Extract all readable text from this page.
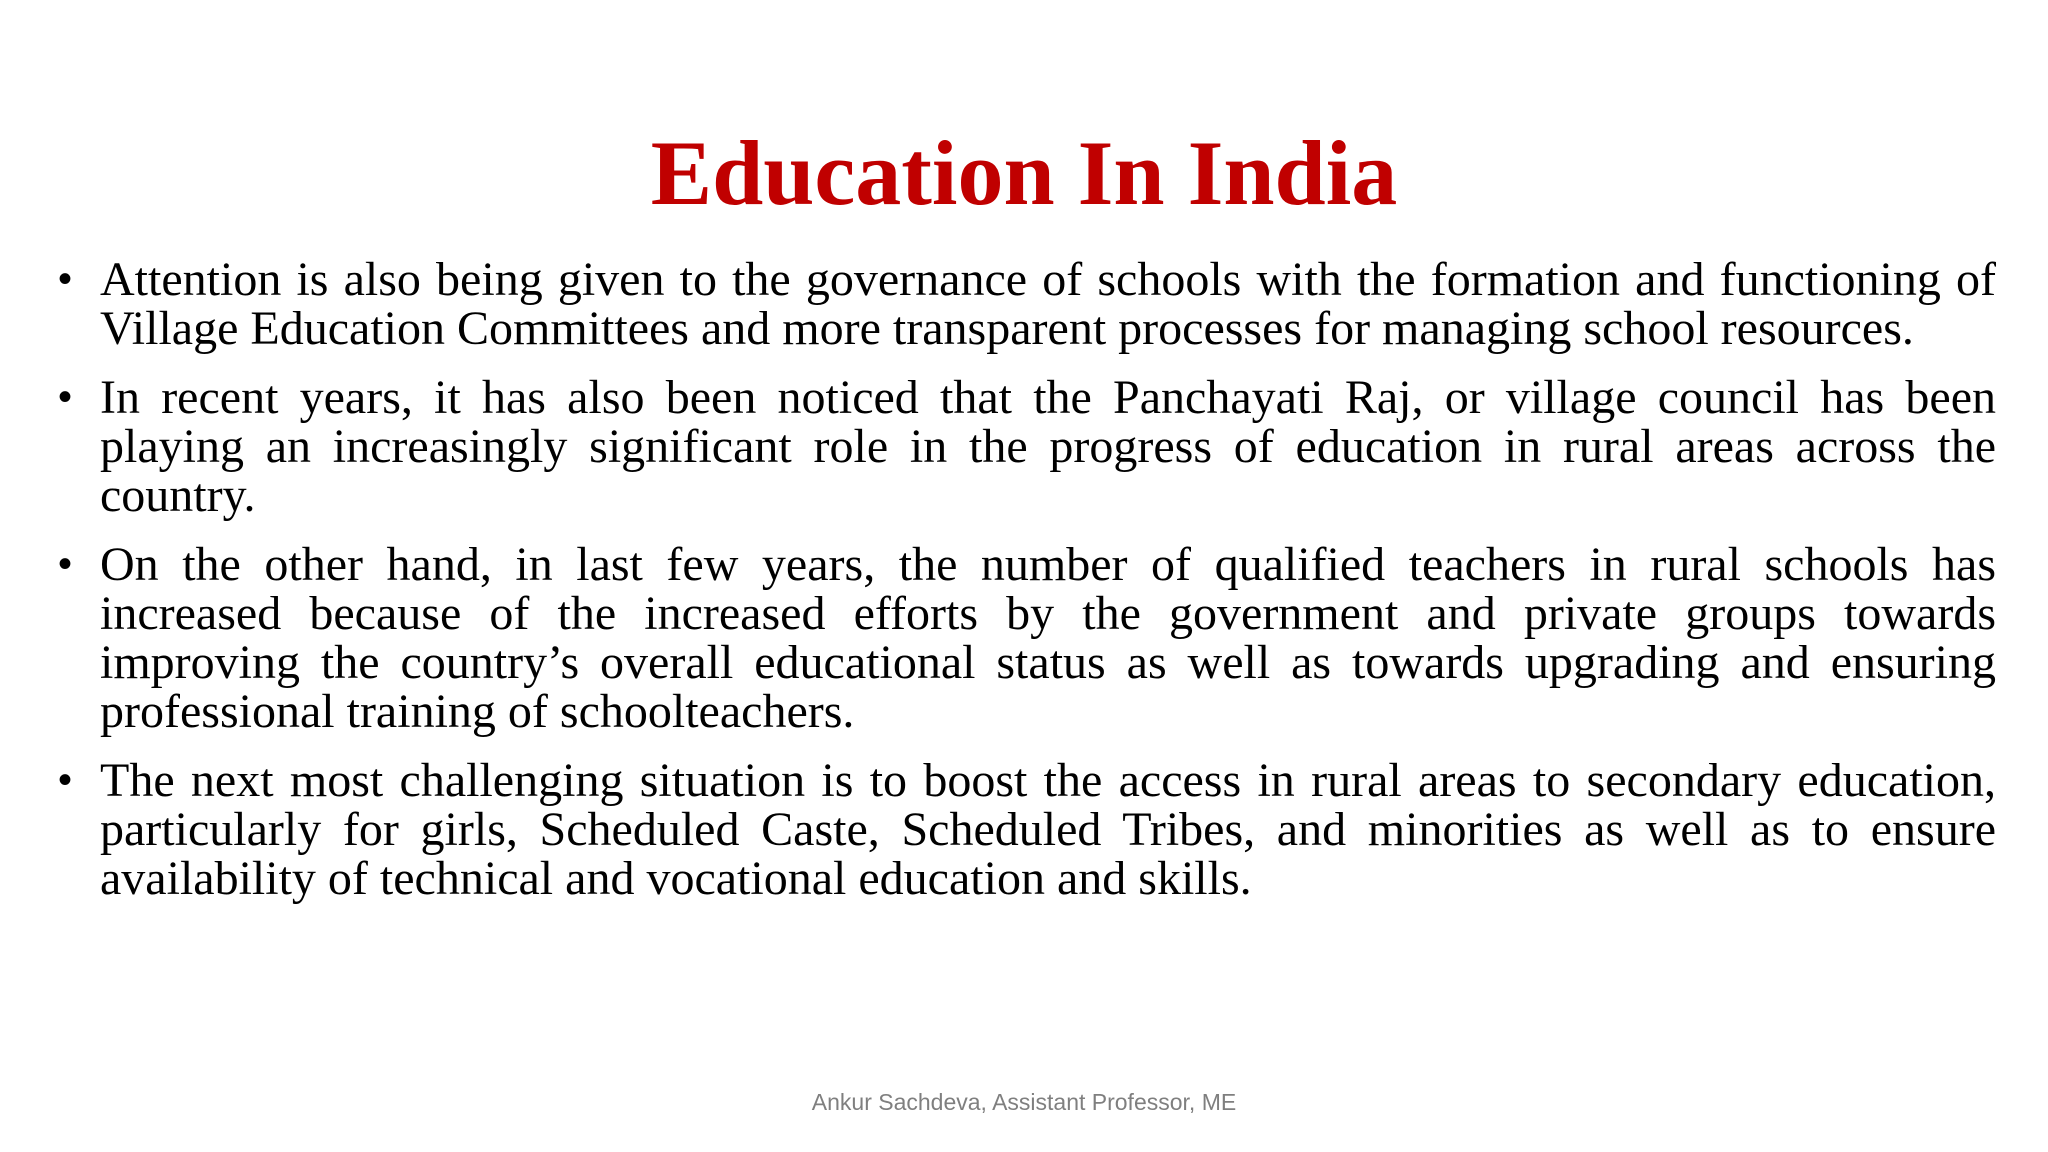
Education In India
• Attention is also being given to the governance of schools with the formation and functioning of Village Education Committees and more transparent processes for managing school resources.
• In recent years, it has also been noticed that the Panchayati Raj, or village council has been playing an increasingly significant role in the progress of education in rural areas across the country.
• On the other hand, in last few years, the number of qualified teachers in rural schools has increased because of the increased efforts by the government and private groups towards improving the country’s overall educational status as well as towards upgrading and ensuring professional training of schoolteachers.
• The next most challenging situation is to boost the access in rural areas to secondary education, particularly for girls, Scheduled Caste, Scheduled Tribes, and minorities as well as to ensure availability of technical and vocational education and skills.
Ankur Sachdeva, Assistant Professor, ME
